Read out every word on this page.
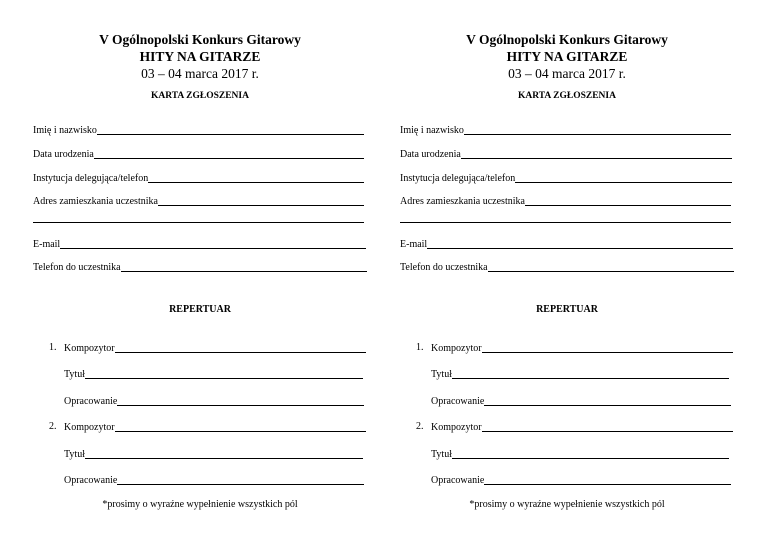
V Ogólnopolski Konkurs Gitarowy
HITY NA GITARZE
03 – 04 marca 2017 r.
KARTA ZGŁOSZENIA
Imię i nazwisko
Data urodzenia
Instytucja delegująca/telefon
Adres zamieszkania uczestnika
E-mail
Telefon do uczestnika
REPERTUAR
1. Kompozytor
Tytuł
Opracowanie
2. Kompozytor
Tytuł
Opracowanie
*prosimy o wyraźne wypełnienie wszystkich pól
V Ogólnopolski Konkurs Gitarowy
HITY NA GITARZE
03 – 04 marca 2017 r.
KARTA ZGŁOSZENIA
Imię i nazwisko
Data urodzenia
Instytucja delegująca/telefon
Adres zamieszkania uczestnika
E-mail
Telefon do uczestnika
REPERTUAR
1. Kompozytor
Tytuł
Opracowanie
2. Kompozytor
Tytuł
Opracowanie
*prosimy o wyraźne wypełnienie wszystkich pól
